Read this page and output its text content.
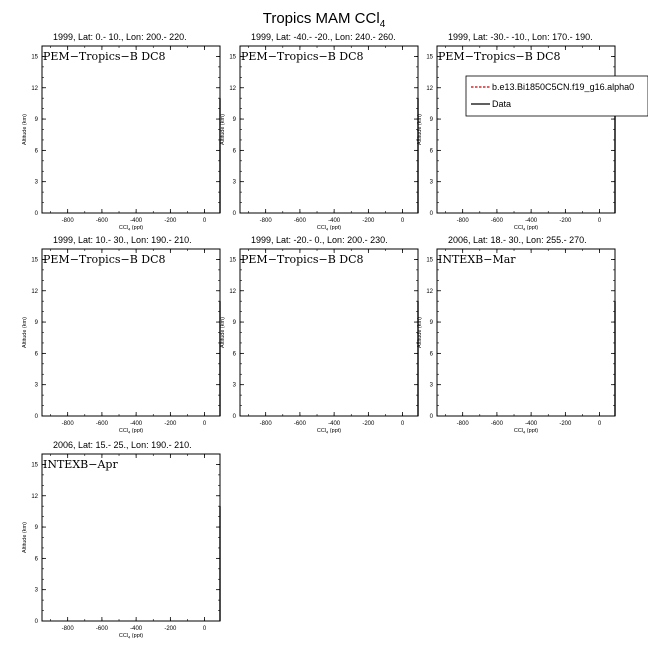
Tropics MAM CCl$_4$
1999, Lat: 0.- 10., Lon: 200.- 220.
PEM−Tropics−B DC8
0
3
6
9
12
15
-800	-600	-400	-200	0
CCl$_4$ (ppt)
Altitude (km)
1999, Lat: -40.- -20., Lon: 240.- 260.
PEM−Tropics−B DC8
0
3
6
9
12
15
-800	-600	-400	-200	0
CCl$_4$ (ppt)
Altitude (km)
1999, Lat: -30.- -10., Lon: 170.- 190.
PEM−Tropics−B DC8
0
3
6
9
12
15
-800	-600	-400	-200	0
CCl$_4$ (ppt)
Altitude (km)
1999, Lat: 10.- 30., Lon: 190.- 210.
PEM−Tropics−B DC8
0
3
6
9
12
15
-800	-600	-400	-200	0
CCl$_4$ (ppt)
Altitude (km)
1999, Lat: -20.- 0., Lon: 200.- 230.
PEM−Tropics−B DC8
0
3
6
9
12
15
-800	-600	-400	-200	0
CCl$_4$ (ppt)
Altitude (km)
2006, Lat: 18.- 30., Lon: 255.- 270.
INTEXB−Mar
0
3
6
9
12
15
-800	-600	-400	-200	0
CCl$_4$ (ppt)
Altitude (km)
2006, Lat: 15.- 25., Lon: 190.- 210.
INTEXB−Apr
0
3
6
9
12
15
-800	-600	-400	-200	0
CCl$_4$ (ppt)
Altitude (km)
b.e13.Bi1850C5CN.f19_g16.alpha0
Data
